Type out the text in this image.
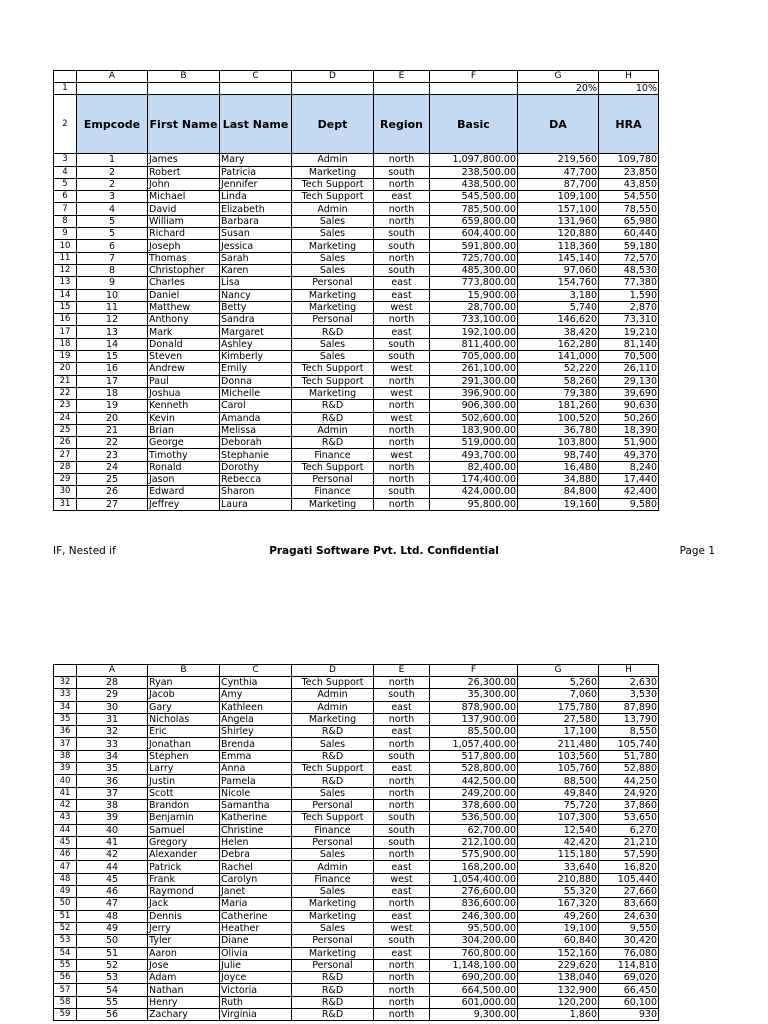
	A	B	C	D	E	F	G	H
1							20%	10%
2	Empcode	First Name	Last Name	Dept	Region	Basic	DA	HRA
3	1	James	Mary	Admin	north	1,097,800.00	219,560	109,780
4	2	Robert	Patricia	Marketing	south	238,500.00	47,700	23,850
5	2	John	Jennifer	Tech Support	north	438,500.00	87,700	43,850
6	3	Michael	Linda	Tech Support	east	545,500.00	109,100	54,550
7	4	David	Elizabeth	Admin	north	785,500.00	157,100	78,550
8	5	William	Barbara	Sales	north	659,800.00	131,960	65,980
9	5	Richard	Susan	Sales	south	604,400.00	120,880	60,440
10	6	Joseph	Jessica	Marketing	south	591,800.00	118,360	59,180
11	7	Thomas	Sarah	Sales	north	725,700.00	145,140	72,570
12	8	Christopher	Karen	Sales	south	485,300.00	97,060	48,530
13	9	Charles	Lisa	Personal	east	773,800.00	154,760	77,380
14	10	Daniel	Nancy	Marketing	east	15,900.00	3,180	1,590
15	11	Matthew	Betty	Marketing	west	28,700.00	5,740	2,870
16	12	Anthony	Sandra	Personal	north	733,100.00	146,620	73,310
17	13	Mark	Margaret	R&D	east	192,100.00	38,420	19,210
18	14	Donald	Ashley	Sales	south	811,400.00	162,280	81,140
19	15	Steven	Kimberly	Sales	south	705,000.00	141,000	70,500
20	16	Andrew	Emily	Tech Support	west	261,100.00	52,220	26,110
21	17	Paul	Donna	Tech Support	north	291,300.00	58,260	29,130
22	18	Joshua	Michelle	Marketing	west	396,900.00	79,380	39,690
23	19	Kenneth	Carol	R&D	north	906,300.00	181,260	90,630
24	20	Kevin	Amanda	R&D	west	502,600.00	100,520	50,260
25	21	Brian	Melissa	Admin	north	183,900.00	36,780	18,390
26	22	George	Deborah	R&D	north	519,000.00	103,800	51,900
27	23	Timothy	Stephanie	Finance	west	493,700.00	98,740	49,370
28	24	Ronald	Dorothy	Tech Support	north	82,400.00	16,480	8,240
29	25	Jason	Rebecca	Personal	north	174,400.00	34,880	17,440
30	26	Edward	Sharon	Finance	south	424,000.00	84,800	42,400
31	27	Jeffrey	Laura	Marketing	north	95,800.00	19,160	9,580
IF, Nested if	Pragati Software Pvt. Ltd. Confidential	Page 1
	A	B	C	D	E	F	G	H
32	28	Ryan	Cynthia	Tech Support	north	26,300.00	5,260	2,630
33	29	Jacob	Amy	Admin	south	35,300.00	7,060	3,530
34	30	Gary	Kathleen	Admin	east	878,900.00	175,780	87,890
35	31	Nicholas	Angela	Marketing	north	137,900.00	27,580	13,790
36	32	Eric	Shirley	R&D	east	85,500.00	17,100	8,550
37	33	Jonathan	Brenda	Sales	north	1,057,400.00	211,480	105,740
38	34	Stephen	Emma	R&D	south	517,800.00	103,560	51,780
39	35	Larry	Anna	Tech Support	east	528,800.00	105,760	52,880
40	36	Justin	Pamela	R&D	north	442,500.00	88,500	44,250
41	37	Scott	Nicole	Sales	north	249,200.00	49,840	24,920
42	38	Brandon	Samantha	Personal	north	378,600.00	75,720	37,860
43	39	Benjamin	Katherine	Tech Support	south	536,500.00	107,300	53,650
44	40	Samuel	Christine	Finance	south	62,700.00	12,540	6,270
45	41	Gregory	Helen	Personal	south	212,100.00	42,420	21,210
46	42	Alexander	Debra	Sales	north	575,900.00	115,180	57,590
47	44	Patrick	Rachel	Admin	east	168,200.00	33,640	16,820
48	45	Frank	Carolyn	Finance	west	1,054,400.00	210,880	105,440
49	46	Raymond	Janet	Sales	east	276,600.00	55,320	27,660
50	47	Jack	Maria	Marketing	north	836,600.00	167,320	83,660
51	48	Dennis	Catherine	Marketing	east	246,300.00	49,260	24,630
52	49	Jerry	Heather	Sales	west	95,500.00	19,100	9,550
53	50	Tyler	Diane	Personal	south	304,200.00	60,840	30,420
54	51	Aaron	Olivia	Marketing	east	760,800.00	152,160	76,080
55	52	Jose	Julie	Personal	north	1,148,100.00	229,620	114,810
56	53	Adam	Joyce	R&D	north	690,200.00	138,040	69,020
57	54	Nathan	Victoria	R&D	north	664,500.00	132,900	66,450
58	55	Henry	Ruth	R&D	north	601,000.00	120,200	60,100
59	56	Zachary	Virginia	R&D	north	9,300.00	1,860	930
